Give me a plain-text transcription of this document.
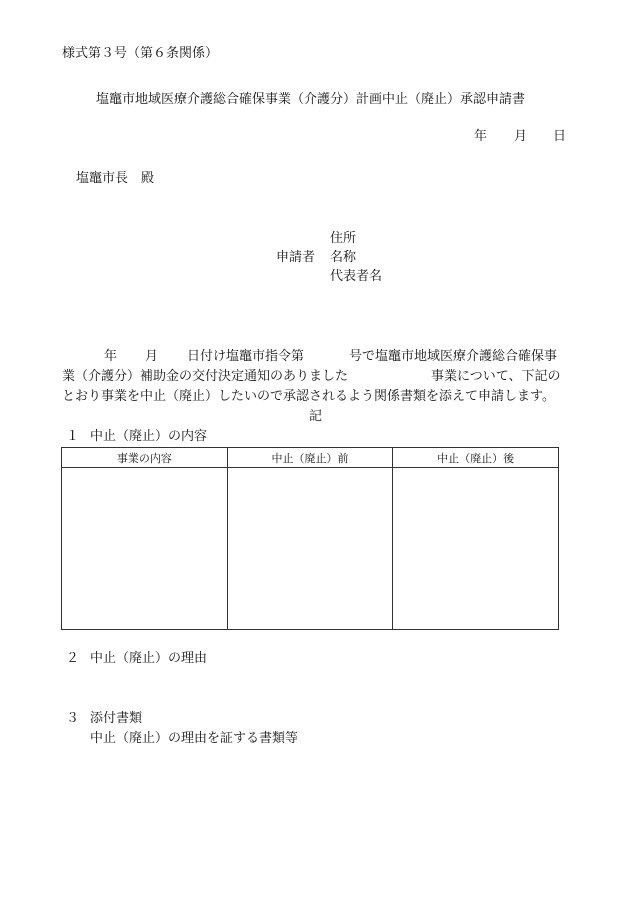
様式第３号（第６条関係）
塩竈市地域医療介護総合確保事業（介護分）計画中止（廃止）承認申請書
年 月 日
塩竈市長　殿
住所
申請者 名称
代表者名
年 月 日付け塩竈市指令第	号で塩竈市地域医療介護総合確保事
業（介護分）補助金の交付決定通知のありました	事業について、下記の
とおり事業を中止（廃止）したいので承認されるよう関係書類を添えて申請します。
記
１ 中止（廃止）の内容
事業の内容	中止（廃止）前	中止（廃止）後

２ 中止（廃止）の理由
３ 添付書類
中止（廃止）の理由を証する書類等
